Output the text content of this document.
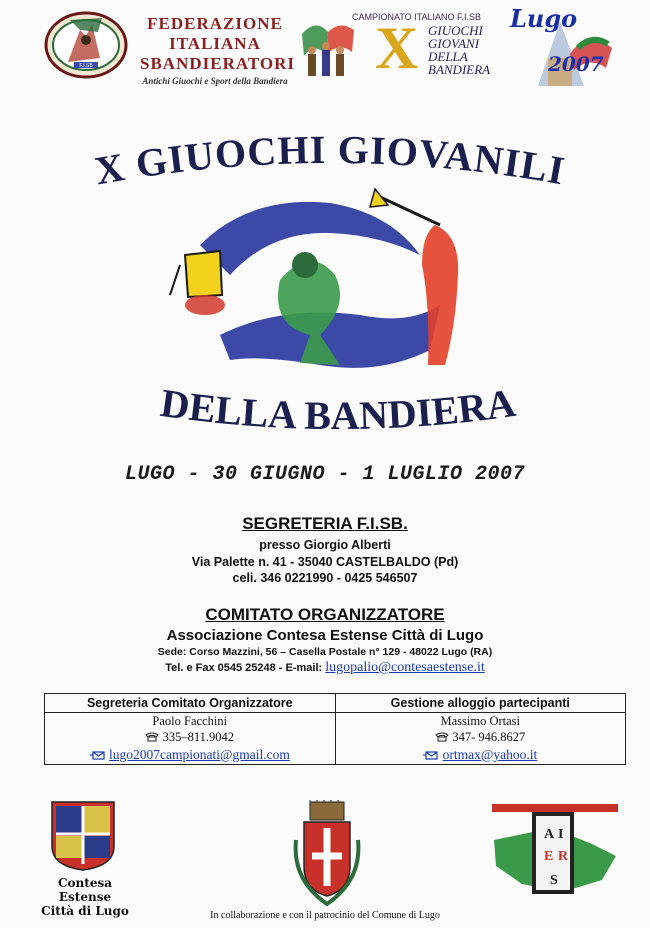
F.I.SB
FEDERAZIONE
ITALIANA
SBANDIERATORI
Antichi Giuochi e Sport della Bandiera
CAMPIONATO ITALIANO F.I.SB
X GIUOCHI
GIOVANI
DELLA
BANDIERA
Lugo
2007
X GIUOCHI GIOVANILI
DELLA BANDIERA
LUGO - 30 GIUGNO - 1 LUGLIO 2007
SEGRETERIA F.I.SB.
presso Giorgio Alberti
Via Palette n. 41 - 35040 CASTELBALDO (Pd)
celi. 346 0221990 - 0425 546507
COMITATO ORGANIZZATORE
Associazione Contesa Estense Città di Lugo
Sede: Corso Mazzini, 56 – Casella Postale n° 129 - 48022 Lugo (RA)
Tel. e Fax 0545 25248 - E-mail: lugopalio@contesaestense.it
Segreteria Comitato Organizzatore
Paolo Facchini
335–811.9042
lugo2007campionati@gmail.com
Gestione alloggio partecipanti
Massimo Ortasi
347- 946.8627
ortmax@yahoo.it
Contesa Estense
Città di Lugo
A I
E R
S
In collaborazione e con il patrocinio del Comune di Lugo
